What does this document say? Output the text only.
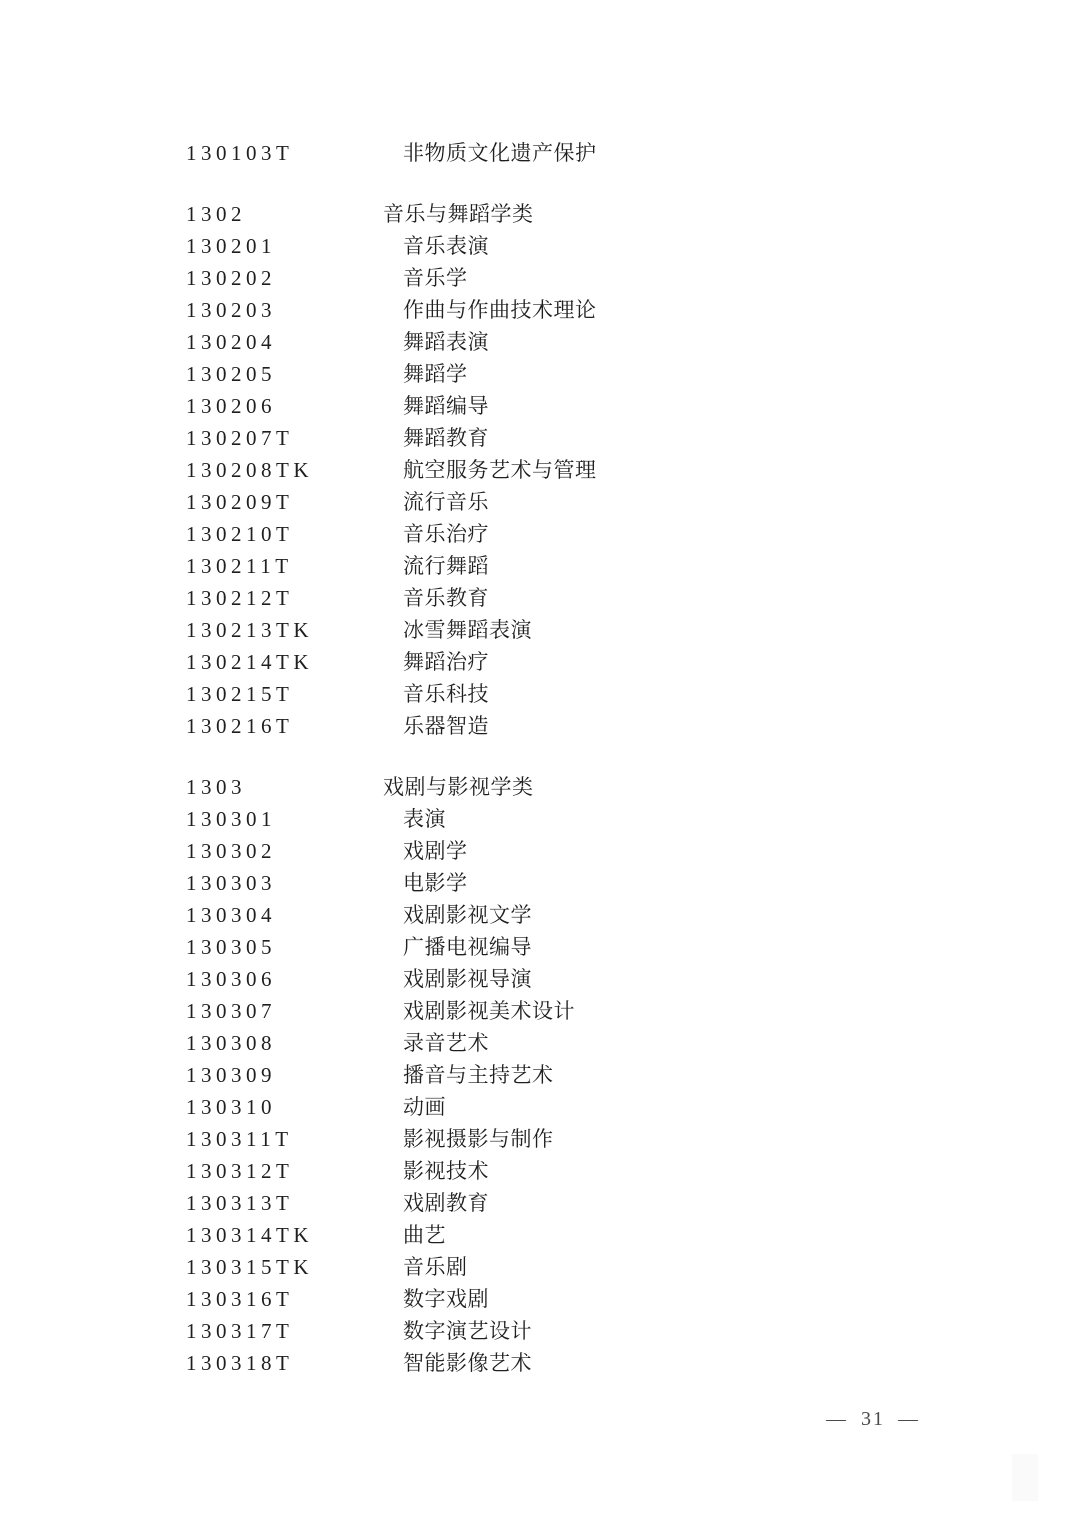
130103T	非物质文化遗产保护
1302	音乐与舞蹈学类
130201	音乐表演
130202	音乐学
130203	作曲与作曲技术理论
130204	舞蹈表演
130205	舞蹈学
130206	舞蹈编导
130207T	舞蹈教育
130208TK	航空服务艺术与管理
130209T	流行音乐
130210T	音乐治疗
130211T	流行舞蹈
130212T	音乐教育
130213TK	冰雪舞蹈表演
130214TK	舞蹈治疗
130215T	音乐科技
130216T	乐器智造
1303	戏剧与影视学类
130301	表演
130302	戏剧学
130303	电影学
130304	戏剧影视文学
130305	广播电视编导
130306	戏剧影视导演
130307	戏剧影视美术设计
130308	录音艺术
130309	播音与主持艺术
130310	动画
130311T	影视摄影与制作
130312T	影视技术
130313T	戏剧教育
130314TK	曲艺
130315TK	音乐剧
130316T	数字戏剧
130317T	数字演艺设计
130318T	智能影像艺术
— 31 —
